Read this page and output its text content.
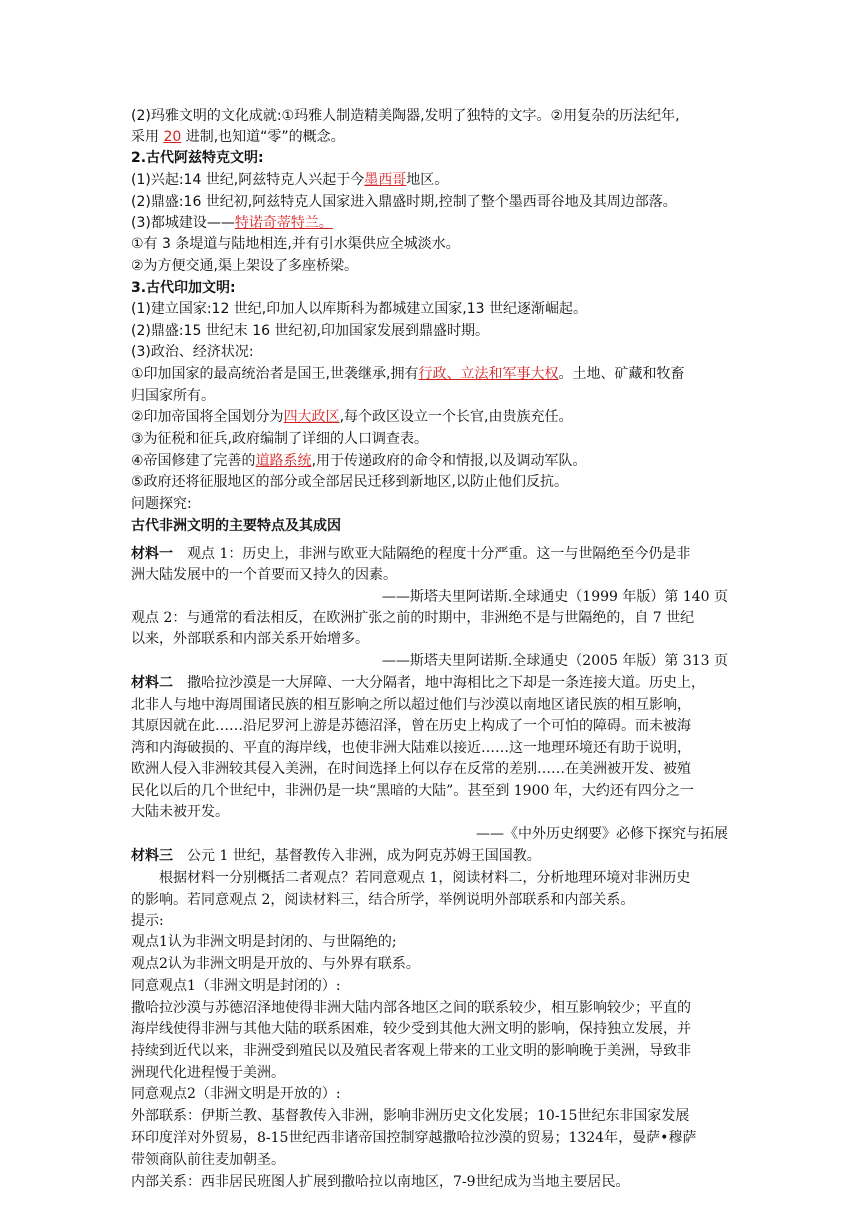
(2)玛雅文明的文化成就:①玛雅人制造精美陶器,发明了独特的文字。②用复杂的历法纪年,
采用 20 进制,也知道“零”的概念。
2.古代阿兹特克文明:
(1)兴起:14 世纪,阿兹特克人兴起于今墨西哥地区。
(2)鼎盛:16 世纪初,阿兹特克人国家进入鼎盛时期,控制了整个墨西哥谷地及其周边部落。
(3)都城建设——特诺奇蒂特兰。
①有 3 条堤道与陆地相连,并有引水渠供应全城淡水。
②为方便交通,渠上架设了多座桥梁。
3.古代印加文明:
(1)建立国家:12 世纪,印加人以库斯科为都城建立国家,13 世纪逐渐崛起。
(2)鼎盛:15 世纪末 16 世纪初,印加国家发展到鼎盛时期。
(3)政治、经济状况:
①印加国家的最高统治者是国王,世袭继承,拥有行政、立法和军事大权。土地、矿藏和牧畜
归国家所有。
②印加帝国将全国划分为四大政区,每个政区设立一个长官,由贵族充任。
③为征税和征兵,政府编制了详细的人口调查表。
④帝国修建了完善的道路系统,用于传递政府的命令和情报,以及调动军队。
⑤政府还将征服地区的部分或全部居民迁移到新地区,以防止他们反抗。
问题探究:
古代非洲文明的主要特点及其成因
材料一　观点 1：历史上，非洲与欧亚大陆隔绝的程度十分严重。这一与世隔绝至今仍是非
洲大陆发展中的一个首要而又持久的因素。
——斯塔夫里阿诺斯.全球通史（1999 年版）第 140 页
观点 2：与通常的看法相反，在欧洲扩张之前的时期中，非洲绝不是与世隔绝的，自 7 世纪
以来，外部联系和内部关系开始增多。
——斯塔夫里阿诺斯.全球通史（2005 年版）第 313 页
材料二　撒哈拉沙漠是一大屏障、一大分隔者，地中海相比之下却是一条连接大道。历史上，
北非人与地中海周围诸民族的相互影响之所以超过他们与沙漠以南地区诸民族的相互影响，
其原因就在此……沿尼罗河上游是苏德沼泽，曾在历史上构成了一个可怕的障碍。而未被海
湾和内海破损的、平直的海岸线，也使非洲大陆难以接近……这一地理环境还有助于说明，
欧洲人侵入非洲较其侵入美洲，在时间选择上何以存在反常的差别……在美洲被开发、被殖
民化以后的几个世纪中，非洲仍是一块“黑暗的大陆”。甚至到 1900 年，大约还有四分之一
大陆未被开发。
——《中外历史纲要》必修下探究与拓展
材料三　公元 1 世纪，基督教传入非洲，成为阿克苏姆王国国教。
　　根据材料一分别概括二者观点？若同意观点 1，阅读材料二，分析地理环境对非洲历史
的影响。若同意观点 2，阅读材料三，结合所学，举例说明外部联系和内部关系。
提示:
观点1认为非洲文明是封闭的、与世隔绝的;
观点2认为非洲文明是开放的、与外界有联系。
同意观点1（非洲文明是封闭的）:
撒哈拉沙漠与苏德沼泽地使得非洲大陆内部各地区之间的联系较少，相互影响较少；平直的
海岸线使得非洲与其他大陆的联系困难，较少受到其他大洲文明的影响，保持独立发展，并
持续到近代以来，非洲受到殖民以及殖民者客观上带来的工业文明的影响晚于美洲，导致非
洲现代化进程慢于美洲。
同意观点2（非洲文明是开放的）:
外部联系：伊斯兰教、基督教传入非洲，影响非洲历史文化发展；10-15世纪东非国家发展
环印度洋对外贸易，8-15世纪西非诸帝国控制穿越撒哈拉沙漠的贸易；1324年，曼萨•穆萨
带领商队前往麦加朝圣。
内部关系：西非居民班图人扩展到撒哈拉以南地区，7-9世纪成为当地主要居民。
